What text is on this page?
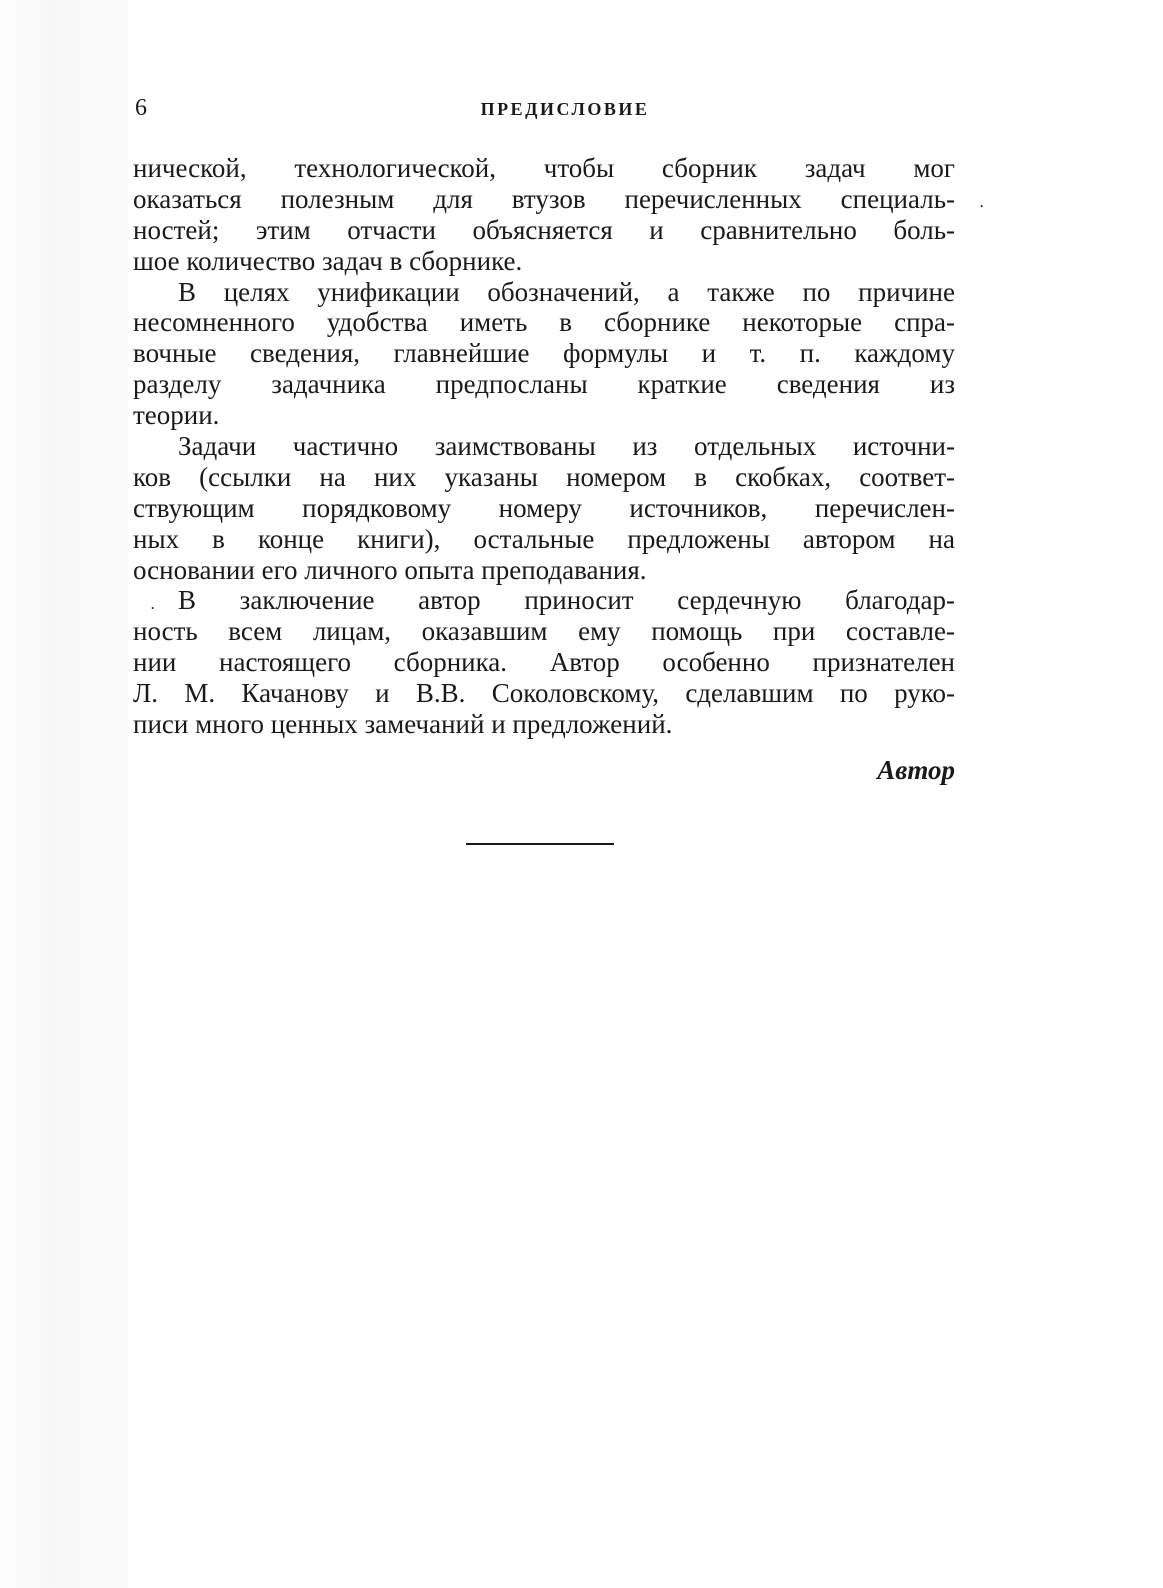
6	ПРЕДИСЛОВИЕ
нической, технологической, чтобы сборник задач мог
оказаться полезным для втузов перечисленных специаль-
ностей; этим отчасти объясняется и сравнительно боль-
шое количество задач в сборнике.
В целях унификации обозначений, а также по причине
несомненного удобства иметь в сборнике некоторые спра-
вочные сведения, главнейшие формулы и т. п. каждому
разделу задачника предпосланы краткие сведения из
теории.
Задачи частично заимствованы из отдельных источни-
ков (ссылки на них указаны номером в скобках, соответ-
ствующим порядковому номеру источников, перечислен-
ных в конце книги), остальные предложены автором на
основании его личного опыта преподавания.
В заключение автор приносит сердечную благодар-
ность всем лицам, оказавшим ему помощь при составле-
нии настоящего сборника. Автор особенно признателен
Л. М. Качанову и В.В. Соколовскому, сделавшим по руко-
писи много ценных замечаний и предложений.
Автор
․
․
